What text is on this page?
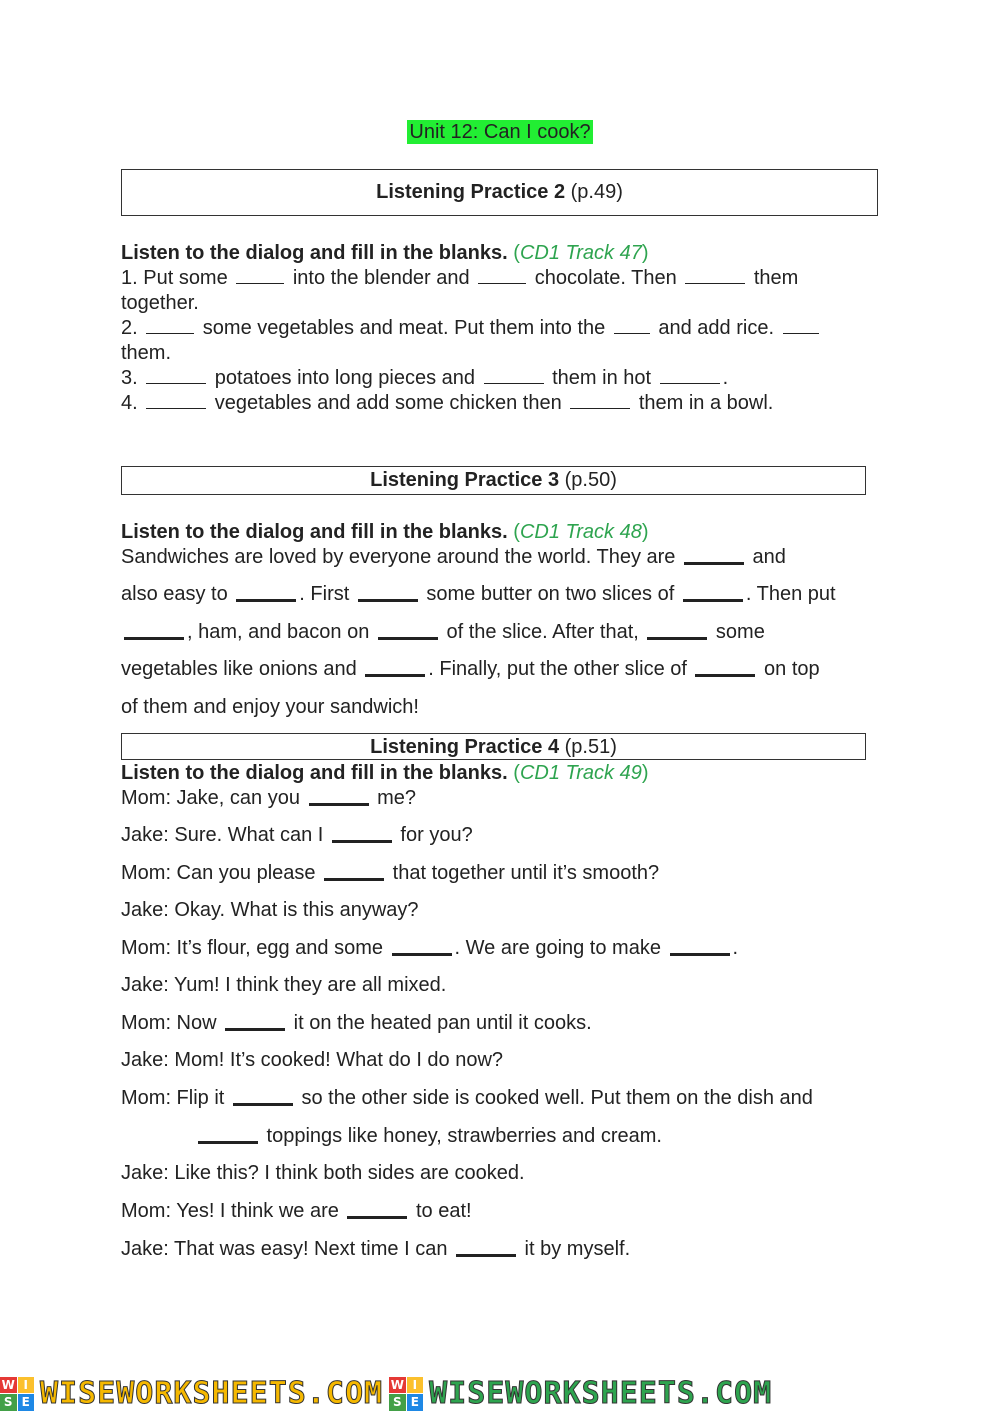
Unit 12: Can I cook?
Listening Practice 2 (p.49)
Listen to the dialog and fill in the blanks. (CD1 Track 47)
1. Put some	into the blender and	chocolate. Then	them
together.
2.	some vegetables and meat. Put them into the  and add rice.
them.
3.	potatoes into long pieces and	them in hot	.
4.	vegetables and add some chicken then	them in a bowl.
Listening Practice 3 (p.50)
Listen to the dialog and fill in the blanks. (CD1 Track 48)
Sandwiches are loved by everyone around the world. They are	and
also easy to	. First	some butter on two slices of	. Then put
, ham, and bacon on	of the slice. After that,	some
vegetables like onions and	. Finally, put the other slice of	on top
of them and enjoy your sandwich!
Listening Practice 4 (p.51)
Listen to the dialog and fill in the blanks. (CD1 Track 49)
Mom: Jake, can you	me?
Jake: Sure. What can I	for you?
Mom: Can you please	that together until it’s smooth?
Jake: Okay. What is this anyway?
Mom: It’s flour, egg and some	. We are going to make	.
Jake: Yum! I think they are all mixed.
Mom: Now	it on the heated pan until it cooks.
Jake: Mom! It’s cooked! What do I do now?
Mom: Flip it	so the other side is cooked well. Put them on the dish and
toppings like honey, strawberries and cream.
Jake: Like this? I think both sides are cooked.
Mom: Yes! I think we are	to eat!
Jake: That was easy! Next time I can	it by myself.
W I
S E WISEWORKSHEETS.COM W I
S E WISEWORKSHEETS.COM
